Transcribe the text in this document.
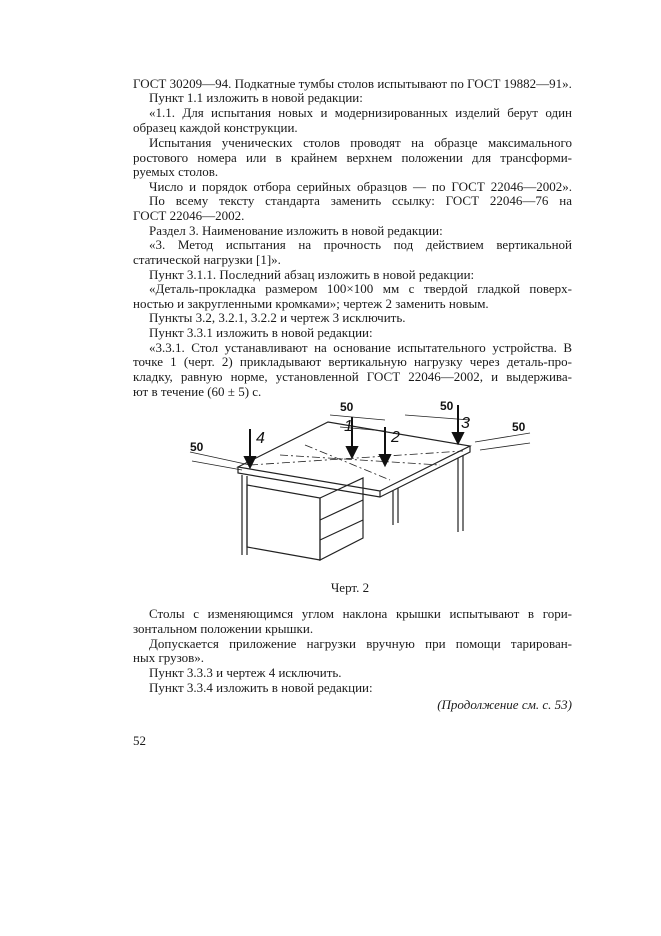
ГОСТ 30209—94. Подкатные тумбы столов испытывают по ГОСТ 19882—91».
Пункт 1.1 изложить в новой редакции:
«1.1. Для испытания новых и модернизированных изделий берут один
образец каждой конструкции.
Испытания ученических столов проводят на образце максимального
ростового номера или в крайнем верхнем положении для трансформи-
руемых столов.
Число и порядок отбора серийных образцов — по ГОСТ 22046—2002».
По всему тексту стандарта заменить ссылку: ГОСТ 22046—76 на
ГОСТ 22046—2002.
Раздел 3. Наименование изложить в новой редакции:
«3. Метод испытания на прочность под действием вертикальной
статической нагрузки [1]».
Пункт 3.1.1. Последний абзац изложить в новой редакции:
«Деталь-прокладка размером 100×100 мм с твердой гладкой поверх-
ностью и закругленными кромками»; чертеж 2 заменить новым.
Пункты 3.2, 3.2.1, 3.2.2 и чертеж 3 исключить.
Пункт 3.3.1 изложить в новой редакции:
«3.3.1. Стол устанавливают на основание испытательного устройства. В
точке 1 (черт. 2) прикладывают вертикальную нагрузку через деталь-про-
кладку, равную норме, установленной ГОСТ 22046—2002, и выдержива-
ют в течение (60 ± 5) с.
50
50	50
50
1
2
3
4
Черт. 2
Столы с изменяющимся углом наклона крышки испытывают в гори-
зонтальном положении крышки.
Допускается приложение нагрузки вручную при помощи тарирован-
ных грузов».
Пункт 3.3.3 и чертеж 4 исключить.
Пункт 3.3.4 изложить в новой редакции:
(Продолжение см. с. 53)
52
